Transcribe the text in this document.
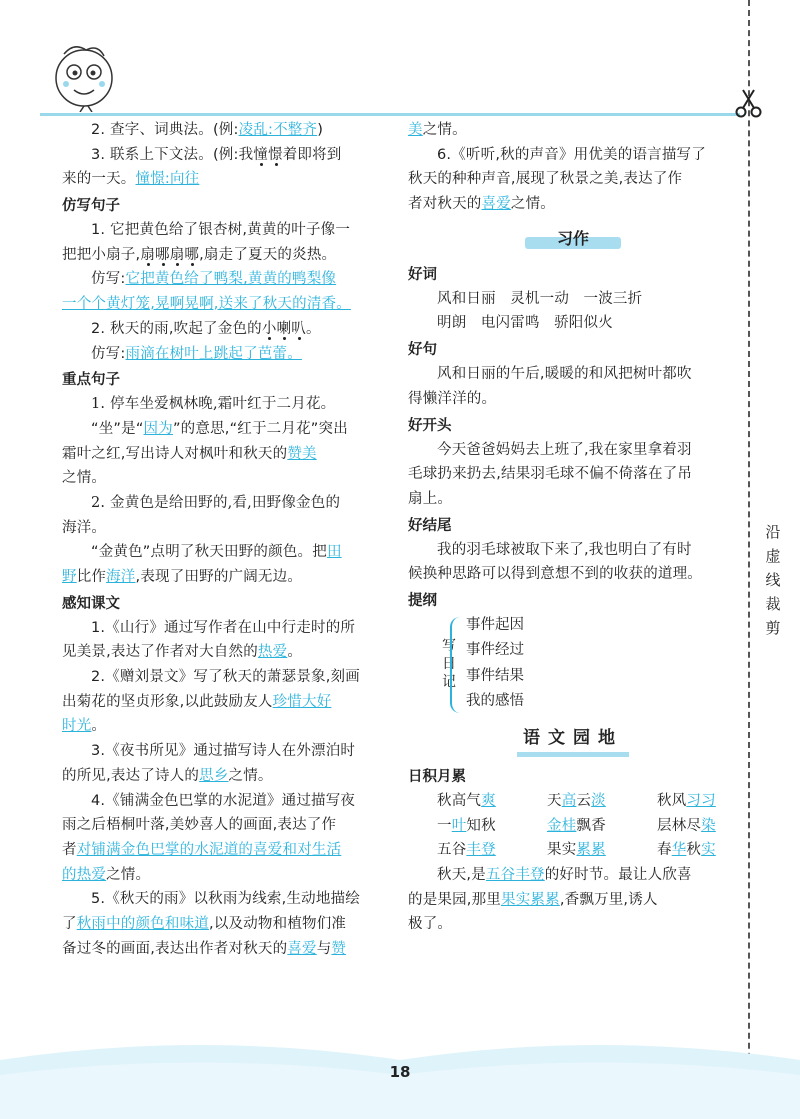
沿
虚
线
裁
剪
2. 查字、词典法。(例:凌乱:不整齐)
3. 联系上下文法。(例:我憧憬着即将到
来的一天。憧憬:向往
仿写句子
1. 它把黄色给了银杏树,黄黄的叶子像一
把把小扇子,扇哪扇哪,扇走了夏天的炎热。
仿写:它把黄色给了鸭梨,黄黄的鸭梨像
一个个黄灯笼,晃啊晃啊,送来了秋天的清香。
2. 秋天的雨,吹起了金色的小喇叭。
仿写:雨滴在树叶上跳起了芭蕾。
重点句子
1. 停车坐爱枫林晚,霜叶红于二月花。
“坐”是“因为”的意思,“红于二月花”突出
霜叶之红,写出诗人对枫叶和秋天的赞美
之情。
2. 金黄色是给田野的,看,田野像金色的
海洋。
“金黄色”点明了秋天田野的颜色。把田
野比作海洋,表现了田野的广阔无边。
感知课文
1.《山行》通过写作者在山中行走时的所
见美景,表达了作者对大自然的热爱。
2.《赠刘景文》写了秋天的萧瑟景象,刻画
出菊花的坚贞形象,以此鼓励友人珍惜大好
时光。
3.《夜书所见》通过描写诗人在外漂泊时
的所见,表达了诗人的思乡之情。
4.《铺满金色巴掌的水泥道》通过描写夜
雨之后梧桐叶落,美妙喜人的画面,表达了作
者对铺满金色巴掌的水泥道的喜爱和对生活
的热爱之情。
5.《秋天的雨》以秋雨为线索,生动地描绘
了秋雨中的颜色和味道,以及动物和植物们准
备过冬的画面,表达出作者对秋天的喜爱与赞
美之情。
6.《听听,秋的声音》用优美的语言描写了
秋天的种种声音,展现了秋景之美,表达了作
者对秋天的喜爱之情。
习作
好词
风和日丽 灵机一动 一波三折
明朗 电闪雷鸣 骄阳似火
好句
风和日丽的午后,暖暖的和风把树叶都吹
得懒洋洋的。
好开头
今天爸爸妈妈去上班了,我在家里拿着羽
毛球扔来扔去,结果羽毛球不偏不倚落在了吊
扇上。
好结尾
我的羽毛球被取下来了,我也明白了有时
候换种思路可以得到意想不到的收获的道理。
提纲
写
日
记
事件起因
事件经过
事件结果
我的感悟
语文园地
日积月累
秋高气爽	天高云淡	秋风习习
一叶知秋	金桂飘香	层林尽染
五谷丰登	果实累累	春华秋实
秋天,是五谷丰登的好时节。最让人欣喜
的是果园,那里果实累累,香飘万里,诱人
极了。
18
